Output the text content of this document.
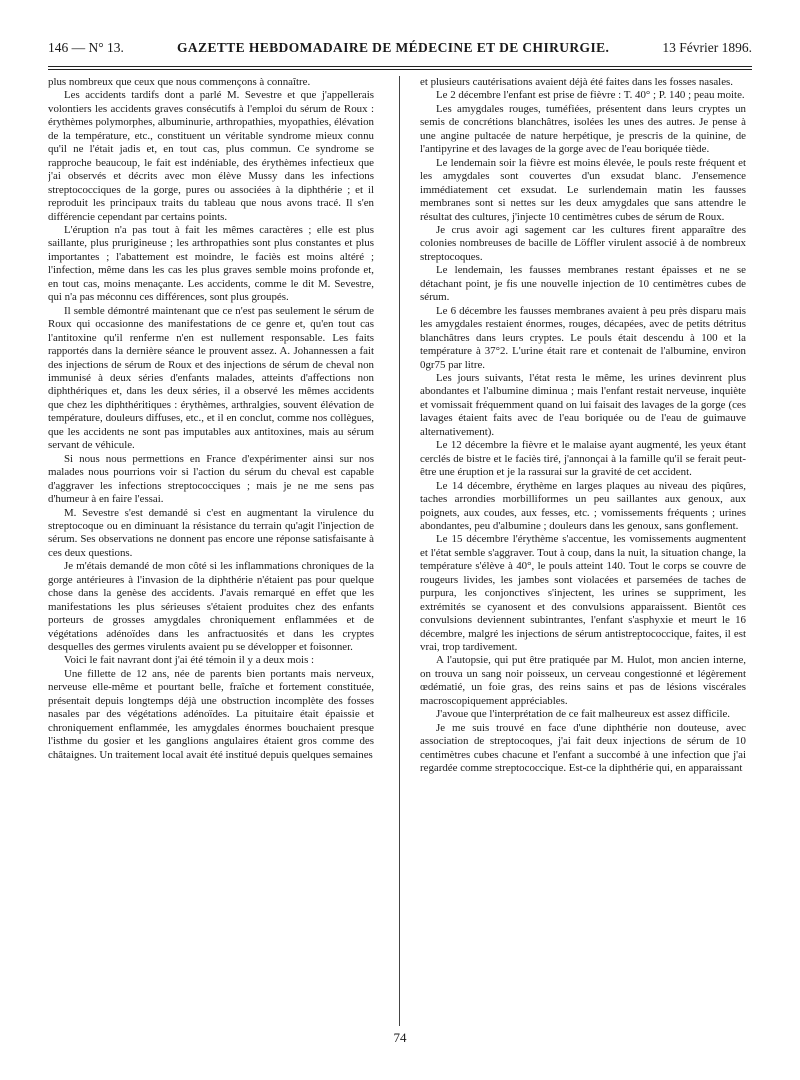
146 — N° 13.	GAZETTE HEBDOMADAIRE DE MÉDECINE ET DE CHIRURGIE.	13 Février 1896.

plus nombreux que ceux que nous commençons à connaître.

Les accidents tardifs dont a parlé M. Sevestre et que j'appellerais volontiers les accidents graves consécutifs à l'emploi du sérum de Roux : érythèmes polymorphes, albuminurie, arthropathies, myopathies, élévation de la température, etc., constituent un véritable syndrome mieux connu qu'il ne l'était jadis et, en tout cas, plus commun. Ce syndrome se rapproche beaucoup, le fait est indéniable, des érythèmes infectieux que j'ai observés et décrits avec mon élève Mussy dans les infections streptococciques de la gorge, pures ou associées à la diphthérie ; et il reproduit les principaux traits du tableau que nous avons tracé. Il s'en différencie cependant par certains points.

L'éruption n'a pas tout à fait les mêmes caractères ; elle est plus saillante, plus prurigineuse ; les arthropathies sont plus constantes et plus importantes ; l'abattement est moindre, le faciès est moins altéré ; l'infection, même dans les cas les plus graves semble moins profonde et, en tout cas, moins menaçante. Les accidents, comme le dit M. Sevestre, qui n'a pas méconnu ces différences, sont plus groupés.

Il semble démontré maintenant que ce n'est pas seulement le sérum de Roux qui occasionne des manifestations de ce genre et, qu'en tout cas l'antitoxine qu'il renferme n'en est nullement responsable. Les faits rapportés dans la dernière séance le prouvent assez. A. Johannessen a fait des injections de sérum de Roux et des injections de sérum de cheval non immunisé à deux séries d'enfants malades, atteints d'affections non diphthériques et, dans les deux séries, il a observé les mêmes accidents que chez les diphthéritiques : érythèmes, arthralgies, souvent élévation de température, douleurs diffuses, etc., et il en conclut, comme nos collègues, que les accidents ne sont pas imputables aux antitoxines, mais au sérum servant de véhicule.

Si nous nous permettions en France d'expérimenter ainsi sur nos malades nous pourrions voir si l'action du sérum du cheval est capable d'aggraver les infections streptococciques ; mais je ne me sens pas d'humeur à en faire l'essai.

M. Sevestre s'est demandé si c'est en augmentant la virulence du streptocoque ou en diminuant la résistance du terrain qu'agit l'injection de sérum. Ses observations ne donnent pas encore une réponse satisfaisante à ces deux questions.

Je m'étais demandé de mon côté si les inflammations chroniques de la gorge antérieures à l'invasion de la diphthérie n'étaient pas pour quelque chose dans la genèse des accidents. J'avais remarqué en effet que les manifestations les plus sérieuses s'étaient produites chez des enfants porteurs de grosses amygdales chroniquement enflammées et de végétations adénoïdes dans les anfractuosités et dans les cryptes desquelles des germes virulents avaient pu se développer et foisonner.

Voici le fait navrant dont j'ai été témoin il y a deux mois :

Une fillette de 12 ans, née de parents bien portants mais nerveux, nerveuse elle-même et pourtant belle, fraîche et fortement constituée, présentait depuis longtemps déjà une obstruction incomplète des fosses nasales par des végétations adénoïdes. La pituitaire était épaissie et chroniquement enflammée, les amygdales énormes bouchaient presque l'isthme du gosier et les ganglions angulaires étaient gros comme des châtaignes. Un traitement local avait été institué depuis quelques semaines

et plusieurs cautérisations avaient déjà été faites dans les fosses nasales.

Le 2 décembre l'enfant est prise de fièvre : T. 40° ; P. 140 ; peau moite.

Les amygdales rouges, tuméfiées, présentent dans leurs cryptes un semis de concrétions blanchâtres, isolées les unes des autres. Je pense à une angine pultacée de nature herpétique, je prescris de la quinine, de l'antipyrine et des lavages de la gorge avec de l'eau boriquée tiède.

Le lendemain soir la fièvre est moins élevée, le pouls reste fréquent et les amygdales sont couvertes d'un exsudat blanc. J'ensemence immédiatement cet exsudat. Le surlendemain matin les fausses membranes sont si nettes sur les deux amygdales que sans attendre le résultat des cultures, j'injecte 10 centimètres cubes de sérum de Roux.

Je crus avoir agi sagement car les cultures firent apparaître des colonies nombreuses de bacille de Löffler virulent associé à de nombreux streptocoques.

Le lendemain, les fausses membranes restant épaisses et ne se détachant point, je fis une nouvelle injection de 10 centimètres cubes de sérum.

Le 6 décembre les fausses membranes avaient à peu près disparu mais les amygdales restaient énormes, rouges, décapées, avec de petits détritus blanchâtres dans leurs cryptes. Le pouls était descendu à 100 et la température à 37°2. L'urine était rare et contenait de l'albumine, environ 0gr75 par litre.

Les jours suivants, l'état resta le même, les urines devinrent plus abondantes et l'albumine diminua ; mais l'enfant restait nerveuse, inquiète et vomissait fréquemment quand on lui faisait des lavages de la gorge (ces lavages étaient faits avec de l'eau boriquée ou de l'eau de guimauve alternativement).

Le 12 décembre la fièvre et le malaise ayant augmenté, les yeux étant cerclés de bistre et le faciès tiré, j'annonçai à la famille qu'il se ferait peut-être une éruption et je la rassurai sur la gravité de cet accident.

Le 14 décembre, érythème en larges plaques au niveau des piqûres, taches arrondies morbilliformes un peu saillantes aux genoux, aux poignets, aux coudes, aux fesses, etc. ; vomissements fréquents ; urines abondantes, peu d'albumine ; douleurs dans les genoux, sans gonflement.

Le 15 décembre l'érythème s'accentue, les vomissements augmentent et l'état semble s'aggraver. Tout à coup, dans la nuit, la situation change, la température s'élève à 40°, le pouls atteint 140. Tout le corps se couvre de rougeurs livides, les jambes sont violacées et parsemées de taches de purpura, les conjonctives s'injectent, les urines se suppriment, les extrémités se cyanosent et des convulsions apparaissent. Bientôt ces convulsions deviennent subintrantes, l'enfant s'asphyxie et meurt le 16 décembre, malgré les injections de sérum antistreptococcique, faites, il est vrai, trop tardivement.

A l'autopsie, qui put être pratiquée par M. Hulot, mon ancien interne, on trouva un sang noir poisseux, un cerveau congestionné et légèrement œdématié, un foie gras, des reins sains et pas de lésions viscérales macroscopiquement appréciables.

J'avoue que l'interprétation de ce fait malheureux est assez difficile.

Je me suis trouvé en face d'une diphthérie non douteuse, avec association de streptocoques, j'ai fait deux injections de sérum de 10 centimètres cubes chacune et l'enfant a succombé à une infection que j'ai regardée comme streptococcique. Est-ce la diphthérie qui, en apparaissant

74
